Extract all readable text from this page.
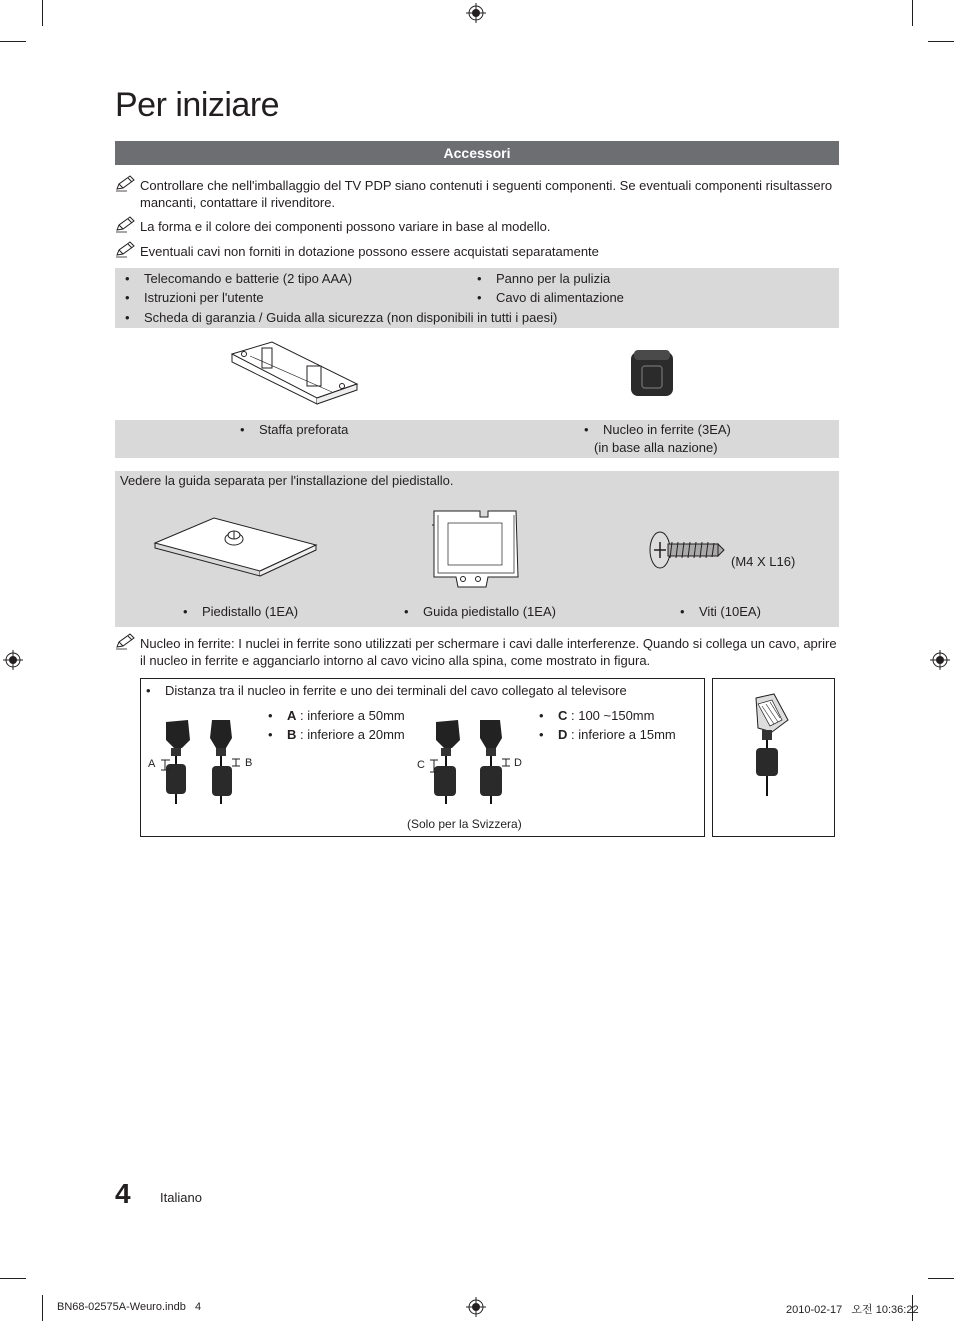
Per iniziare
Accessori
Controllare che nell'imballaggio del TV PDP siano contenuti i seguenti componenti. Se eventuali componenti risultassero mancanti, contattare il rivenditore.
La forma e il colore dei componenti possono variare in base al modello.
Eventuali cavi non forniti in dotazione possono essere acquistati separatamente
• Telecomando e batterie (2 tipo AAA)
• Istruzioni per l'utente
• Panno per la pulizia
• Cavo di alimentazione
• Scheda di garanzia / Guida alla sicurezza (non disponibili in tutti i paesi)
• Staffa preforata	• Nucleo in ferrite (3EA)
(in base alla nazione)
Vedere la guida separata per l'installazione del piedistallo.
(M4 X L16)
• Piedistallo (1EA)	• Guida piedistallo (1EA)	• Viti (10EA)
Nucleo in ferrite: I nuclei in ferrite sono utilizzati per schermare i cavi dalle interferenze. Quando si collega un cavo, aprire il nucleo in ferrite e agganciarlo intorno al cavo vicino alla spina, come mostrato in figura.
• Distanza tra il nucleo in ferrite e uno dei terminali del cavo collegato al televisore
• A : inferiore a 50mm
• B : inferiore a 20mm
• C : 100 ~150mm
• D : inferiore a 15mm
A	B	C	D
(Solo per la Svizzera)
4 Italiano
BN68-02575A-Weuro.indb   4	2010-02-17   오전 10:36:22
